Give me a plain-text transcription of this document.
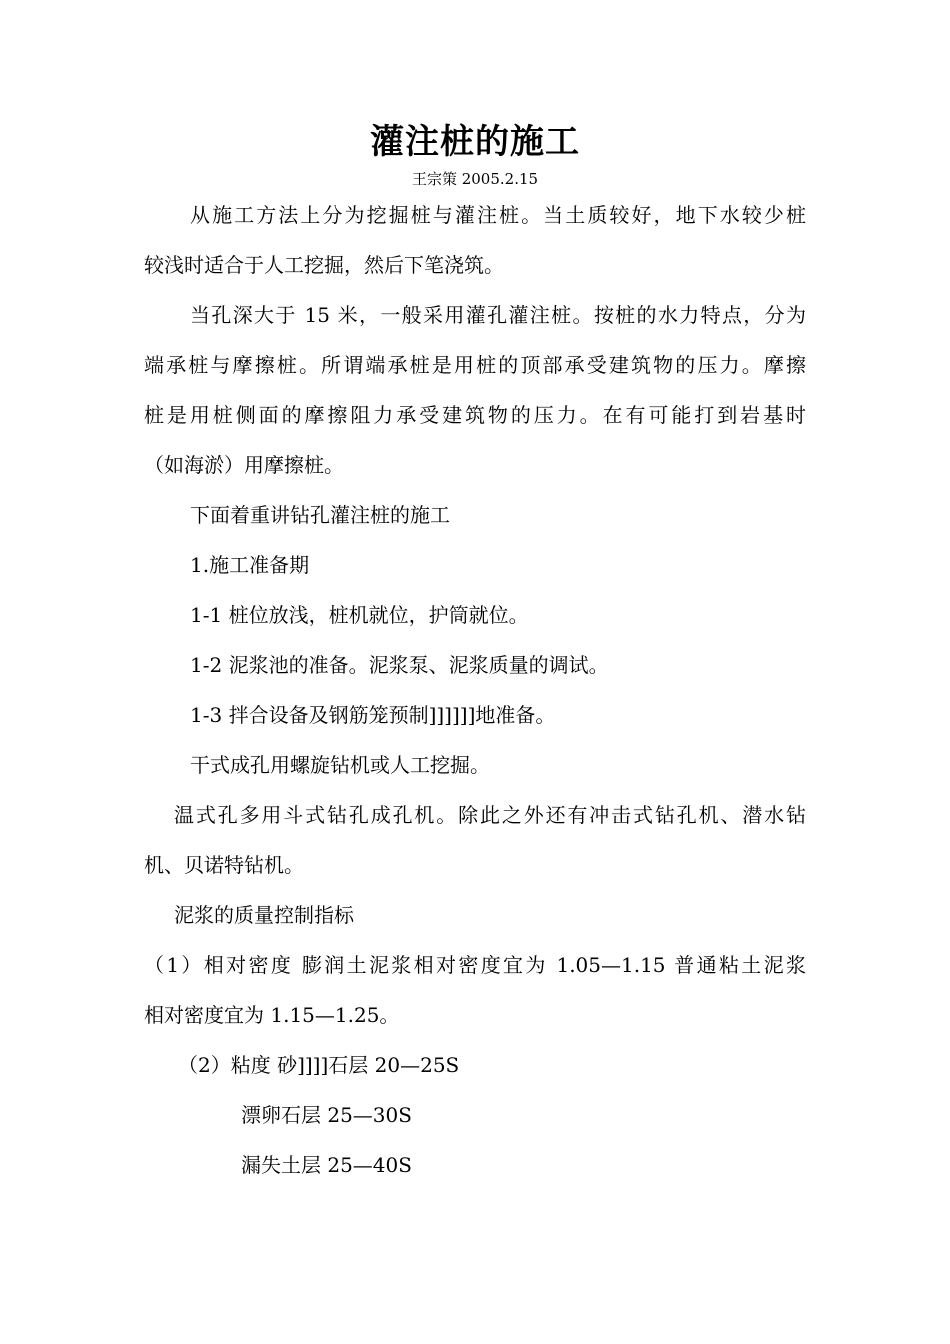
灌注桩的施工
王宗策 2005.2.15
从施工方法上分为挖掘桩与灌注桩。当土质较好，地下水较少桩
较浅时适合于人工挖掘，然后下笔浇筑。
当孔深大于 15 米，一般采用灌孔灌注桩。按桩的水力特点，分为
端承桩与摩擦桩。所谓端承桩是用桩的顶部承受建筑物的压力。摩擦
桩是用桩侧面的摩擦阻力承受建筑物的压力。在有可能打到岩基时
（如海淤）用摩擦桩。
下面着重讲钻孔灌注桩的施工
1.施工准备期
1-1 桩位放浅，桩机就位，护筒就位。
1-2 泥浆池的准备。泥浆泵、泥浆质量的调试。
1-3 拌合设备及钢筋笼预制]]]]]]地准备。
干式成孔用螺旋钻机或人工挖掘。
温式孔多用斗式钻孔成孔机。除此之外还有冲击式钻孔机、潜水钻
机、贝诺特钻机。
泥浆的质量控制指标
（1）相对密度 膨润土泥浆相对密度宜为 1.05—1.15 普通粘土泥浆
相对密度宜为 1.15—1.25。
（2）粘度 砂]]]]石层 20—25S
漂卵石层 25—30S
漏失土层 25—40S
